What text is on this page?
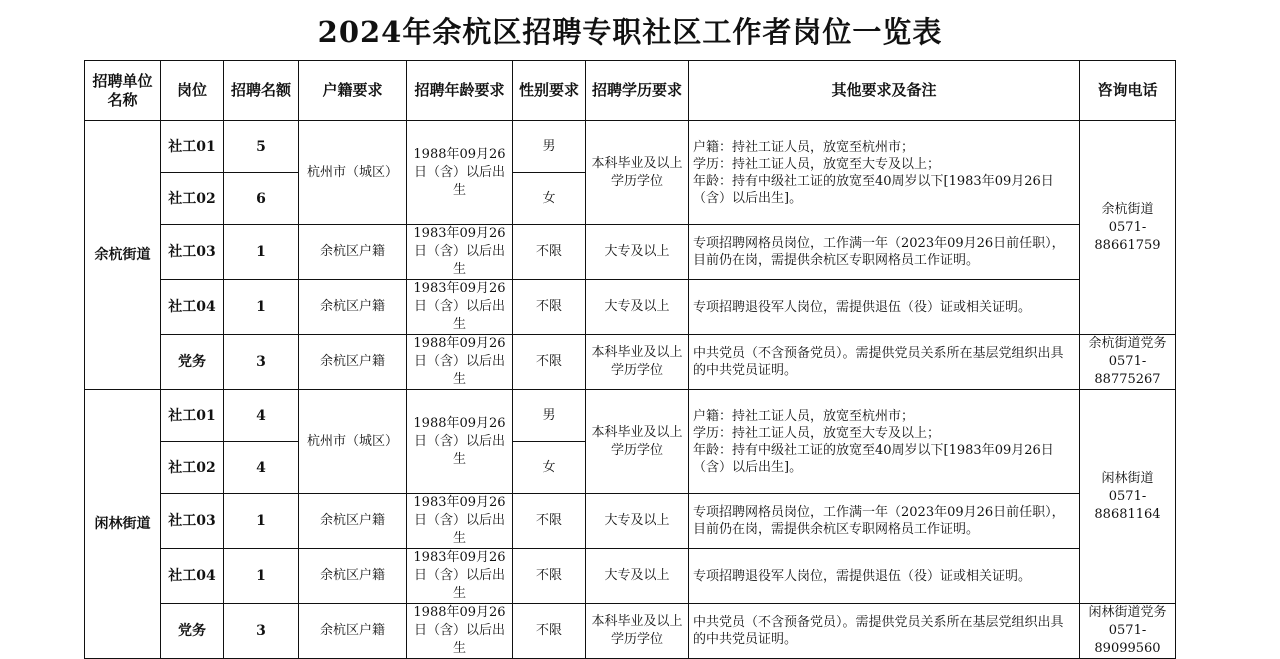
2024年余杭区招聘专职社区工作者岗位一览表
招聘单位名称	岗位	招聘名额	户籍要求	招聘年龄要求	性别要求	招聘学历要求	其他要求及备注	咨询电话
余杭街道	社工01	5	杭州市（城区）	1988年09月26日（含）以后出生	男	本科毕业及以上学历学位	户籍：持社工证人员，放宽至杭州市；
学历：持社工证人员，放宽至大专及以上；
年龄：持有中级社工证的放宽至40周岁以下[1983年09月26日（含）以后出生]。	余杭街道0571-88661759
	社工02	6			女			
	社工03	1	余杭区户籍	1983年09月26日（含）以后出生	不限	大专及以上	专项招聘网格员岗位，工作满一年（2023年09月26日前任职），目前仍在岗，需提供余杭区专职网格员工作证明。	
	社工04	1	余杭区户籍	1983年09月26日（含）以后出生	不限	大专及以上	专项招聘退役军人岗位，需提供退伍（役）证或相关证明。	
	党务	3	余杭区户籍	1988年09月26日（含）以后出生	不限	本科毕业及以上学历学位	中共党员（不含预备党员）。需提供党员关系所在基层党组织出具的中共党员证明。	余杭街道党务0571-88775267
闲林街道	社工01	4	杭州市（城区）	1988年09月26日（含）以后出生	男	本科毕业及以上学历学位	户籍：持社工证人员，放宽至杭州市；
学历：持社工证人员，放宽至大专及以上；
年龄：持有中级社工证的放宽至40周岁以下[1983年09月26日（含）以后出生]。	闲林街道0571-88681164
	社工02	4			女			
	社工03	1	余杭区户籍	1983年09月26日（含）以后出生	不限	大专及以上	专项招聘网格员岗位，工作满一年（2023年09月26日前任职），目前仍在岗，需提供余杭区专职网格员工作证明。	
	社工04	1	余杭区户籍	1983年09月26日（含）以后出生	不限	大专及以上	专项招聘退役军人岗位，需提供退伍（役）证或相关证明。	
	党务	3	余杭区户籍	1988年09月26日（含）以后出生	不限	本科毕业及以上学历学位	中共党员（不含预备党员）。需提供党员关系所在基层党组织出具的中共党员证明。	闲林街道党务0571-89099560
